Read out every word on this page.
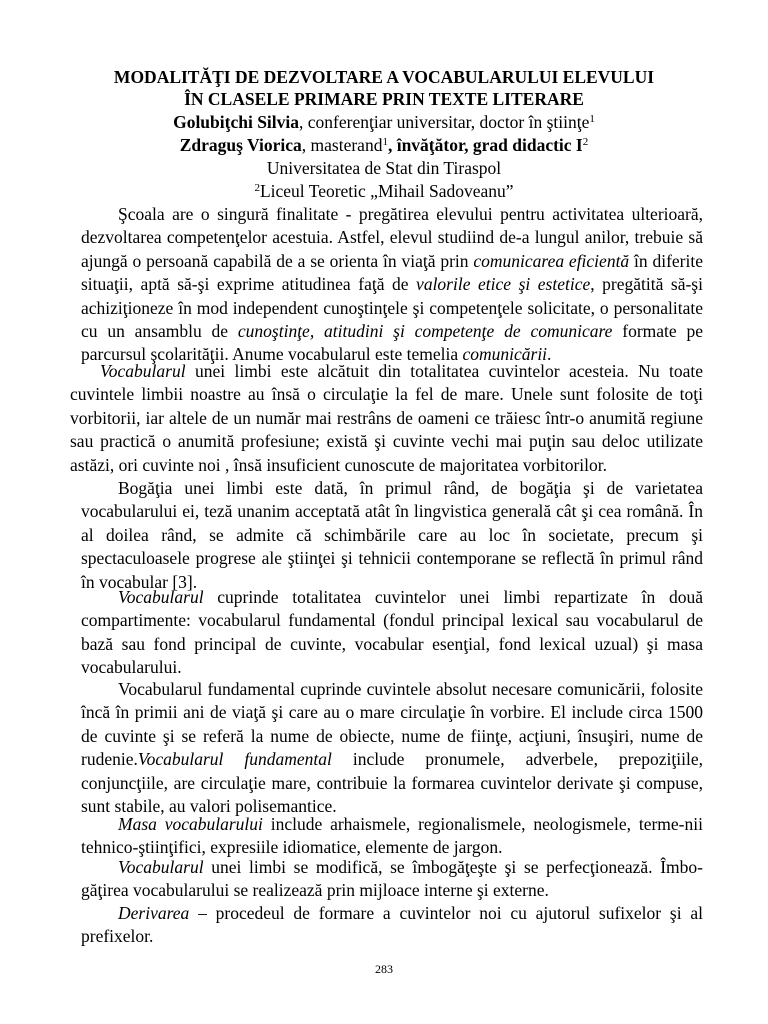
MODALITĂŢI DE DEZVOLTARE A VOCABULARULUI ELEVULUI
ÎN CLASELE PRIMARE PRIN TEXTE LITERARE
Golubiţchi Silvia, conferenţiar universitar, doctor în ştiinţe$^1$
Zdraguş Viorica, masterand$^1$, învăţător, grad didactic $I^2$
Universitatea de Stat din Tiraspol
$^2$Liceul Teoretic „Mihail Sadoveanu”

Şcoala are o singură finalitate - pregătirea elevului pentru activitatea ulterioară, dezvoltarea competenţelor acestuia. Astfel, elevul studiind de-a lungul anilor, trebuie să ajungă o persoană capabilă de a se orienta în viaţă prin comunicarea eficientă în diferite situaţii, aptă să-şi exprime atitudinea faţă de valorile etice şi estetice, pregătită să-şi achiziţioneze în mod independent cunoştinţele şi competenţele solicitate, o personalitate cu un ansamblu de cunoştinţe, atitudini şi competenţe de comunicare formate pe parcursul şcolarităţii. Anume vocabularul este temelia comunicării.

Vocabularul unei limbi este alcătuit din totalitatea cuvintelor acesteia. Nu toate cuvintele limbii noastre au însă o circulaţie la fel de mare. Unele sunt folosite de toţi vorbitorii, iar altele de un număr mai restrâns de oameni ce trăiesc într-o anumită regiune sau practică o anumită profesiune; există şi cuvinte vechi mai puţin sau deloc utilizate astăzi, ori cuvinte noi , însă insuficient cunoscute de majoritatea vorbitorilor.

Bogăţia unei limbi este dată, în primul rând, de bogăţia şi de varietatea vocabularului ei, teză unanim acceptată atât în lingvistica generală cât şi cea română. În al doilea rând, se admite că schimbările care au loc în societate, precum şi spectaculoasele progrese ale ştiinţei şi tehnicii contemporane se reflectă în primul rând în vocabular [3].

Vocabularul cuprinde totalitatea cuvintelor unei limbi repartizate în două compartimente: vocabularul fundamental (fondul principal lexical sau vocabularul de bază sau fond principal de cuvinte, vocabular esenţial, fond lexical uzual) şi masa vocabularului.

Vocabularul fundamental cuprinde cuvintele absolut necesare comunicării, folosite încă în primii ani de viaţă şi care au o mare circulaţie în vorbire. El include circa 1500 de cuvinte şi se referă la nume de obiecte, nume de fiinţe, acţiuni, însuşiri, nume de rudenie.Vocabularul fundamental include pronumele, adverbele, prepoziţiile, conjuncţiile, are circulaţie mare, contribuie la formarea cuvintelor derivate şi compuse, sunt stabile, au valori polisemantice.

Masa vocabularului include arhaismele, regionalismele, neologismele, terme-nii tehnico-ştiinţifici, expresiile idiomatice, elemente de jargon.

Vocabularul unei limbi se modifică, se îmbogăţeşte şi se perfecţionează. Îmbo-găţirea vocabularului se realizează prin mijloace interne şi externe.

Derivarea – procedeul de formare a cuvintelor noi cu ajutorul sufixelor şi al prefixelor.

283
